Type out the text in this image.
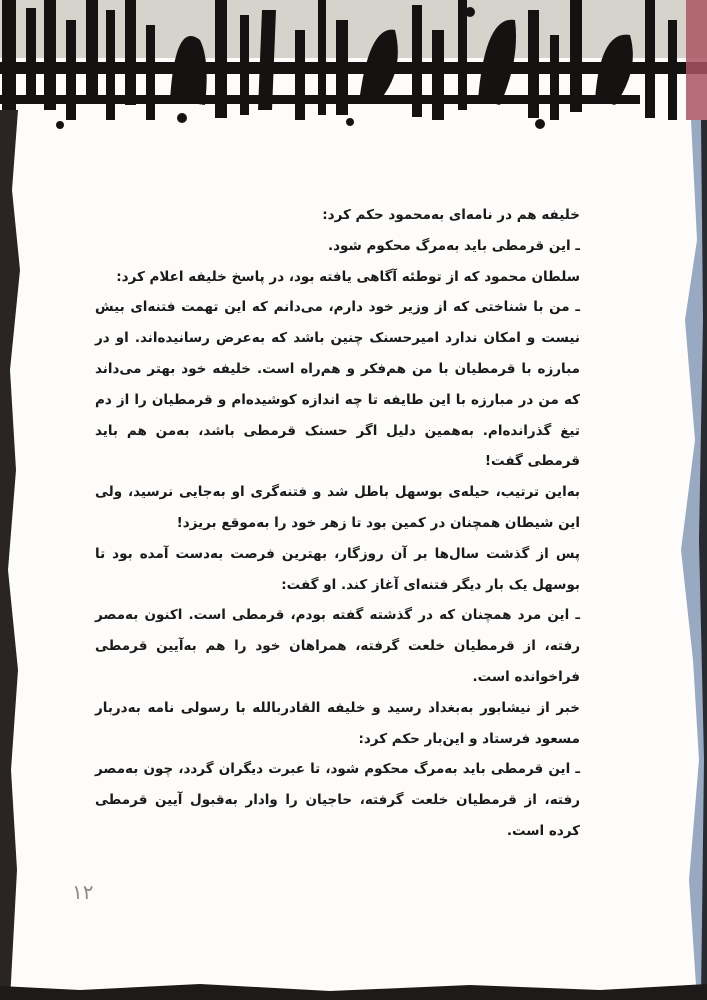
خلیفه هم در نامه‌ای به‌محمود حکم کرد:

ـ این قرمطی باید به‌مرگ محکوم شود.

سلطان محمود که از توطئه آگاهی یافته بود، در پاسخ خلیفه اعلام کرد:

ـ من با شناختی که از وزیر خود دارم، می‌دانم که این تهمت فتنه‌ای بیش نیست و امکان ندارد امیرحسنک چنین باشد که به‌عرض رسانیده‌اند. او در مبارزه با قرمطیان با من هم‌فکر و هم‌راه است. خلیفه خود بهتر می‌داند که من در مبارزه با این طایفه تا چه اندازه کوشیده‌ام و قرمطیان را از دم تیغ گذرانده‌ام. به‌همین دلیل اگر حسنک قرمطی باشد، به‌من هم باید قرمطی گفت!

به‌این ترتیب، حیله‌ی بوسهل باطل شد و فتنه‌گری او به‌جایی نرسید، ولی این شیطان همچنان در کمین بود تا زهر خود را به‌موقع بریزد!

پس از گذشت سال‌ها بر آن روزگار، بهترین فرصت به‌دست آمده بود تا بوسهل یک بار دیگر فتنه‌ای آغاز کند. او گفت:

ـ این مرد همچنان که در گذشته گفته بودم، قرمطی است. اکنون به‌مصر رفته، از قرمطیان خلعت گرفته، همراهان خود را هم به‌آیین قرمطی فراخوانده است.

خبر از نیشابور به‌بغداد رسید و خلیفه القادربالله با رسولی نامه به‌دربار مسعود فرستاد و این‌بار حکم کرد:

ـ این قرمطی باید به‌مرگ محکوم شود، تا عبرت دیگران گردد، چون به‌مصر رفته، از قرمطیان خلعت گرفته، حاجیان را وادار به‌قبول آیین قرمطی کرده است.

۱۲
